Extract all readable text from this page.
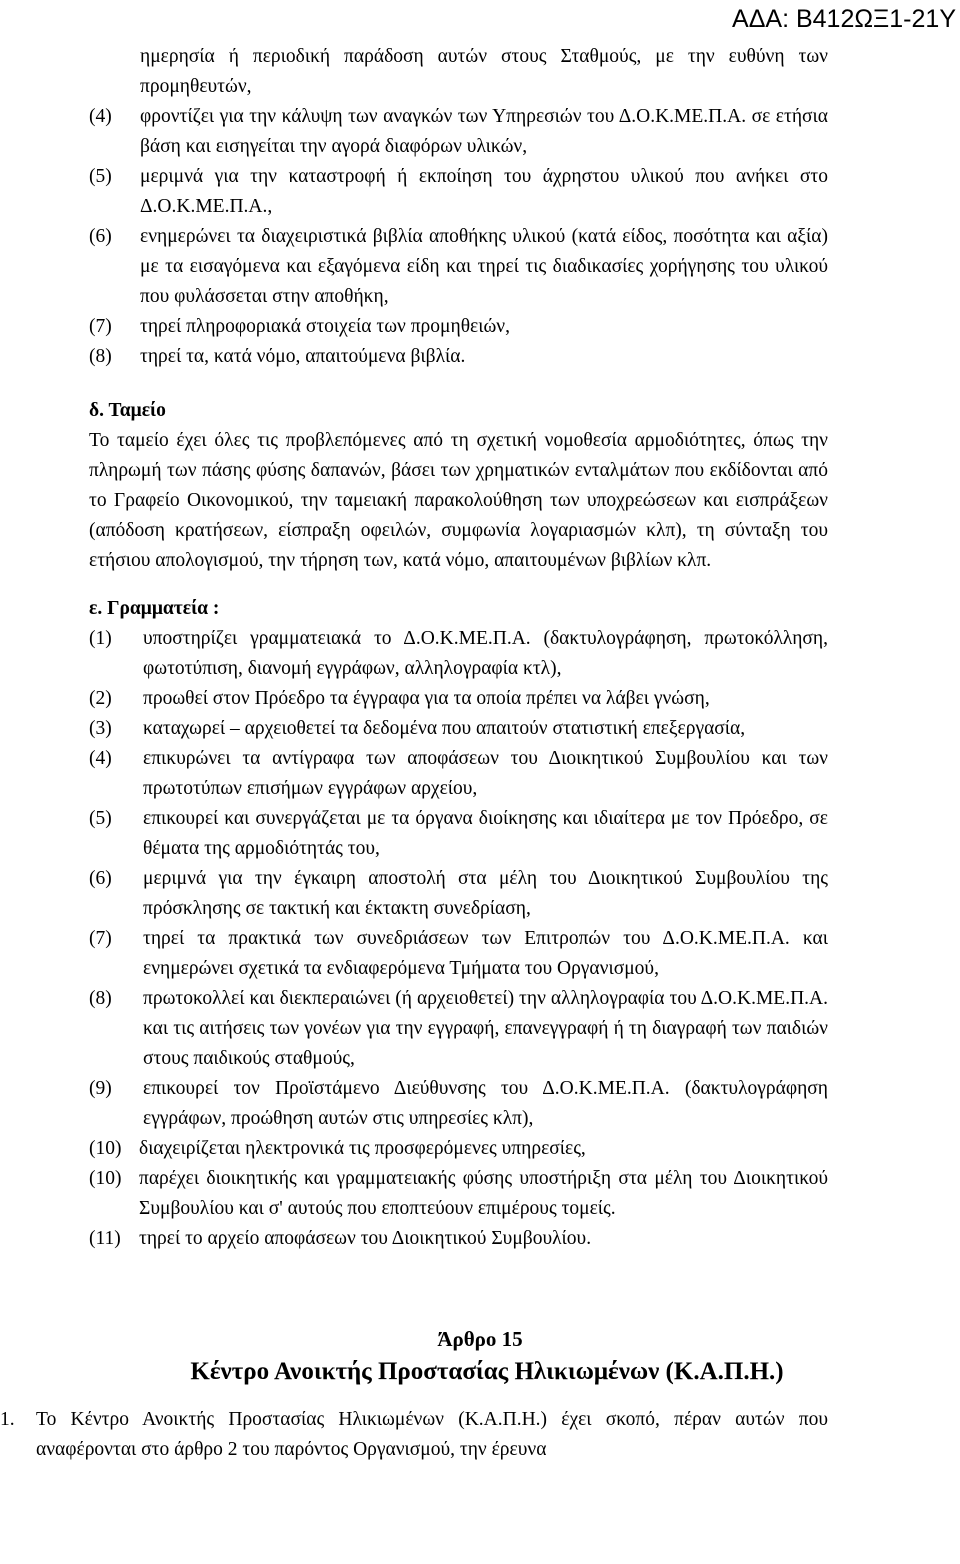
ΑΔΑ: Β412ΩΞ1-21Υ
ημερησία ή περιοδική παράδοση αυτών στους Σταθμούς, με την ευθύνη των προμηθευτών,
(4) φροντίζει για την κάλυψη των αναγκών των Υπηρεσιών του Δ.Ο.Κ.ΜΕ.Π.Α. σε ετήσια βάση και εισηγείται την αγορά διαφόρων υλικών,
(5) μεριμνά για την καταστροφή ή εκποίηση του άχρηστου υλικού που ανήκει στο Δ.Ο.Κ.ΜΕ.Π.Α.,
(6) ενημερώνει τα διαχειριστικά βιβλία αποθήκης υλικού (κατά είδος, ποσότητα και αξία) με τα εισαγόμενα και εξαγόμενα είδη και τηρεί τις διαδικασίες χορήγησης του υλικού που φυλάσσεται στην αποθήκη,
(7) τηρεί πληροφοριακά στοιχεία των προμηθειών,
(8) τηρεί τα, κατά νόμο, απαιτούμενα βιβλία.
δ. Ταμείο
Το ταμείο έχει όλες τις προβλεπόμενες από τη σχετική νομοθεσία αρμοδιότητες, όπως την πληρωμή των πάσης φύσης δαπανών, βάσει των χρηματικών ενταλμάτων που εκδίδονται από το Γραφείο Οικονομικού, την ταμειακή παρακολούθηση των υποχρεώσεων και εισπράξεων (απόδοση κρατήσεων, είσπραξη οφειλών, συμφωνία λογαριασμών κλπ), τη σύνταξη του ετήσιου απολογισμού, την τήρηση των, κατά νόμο, απαιτουμένων βιβλίων κλπ.
ε. Γραμματεία :
(1) υποστηρίζει γραμματειακά το Δ.Ο.Κ.ΜΕ.Π.Α. (δακτυλογράφηση, πρωτοκόλληση, φωτοτύπιση, διανομή εγγράφων, αλληλογραφία κτλ),
(2) προωθεί στον Πρόεδρο τα έγγραφα για τα οποία πρέπει να λάβει γνώση,
(3) καταχωρεί – αρχειοθετεί τα δεδομένα που απαιτούν στατιστική επεξεργασία,
(4) επικυρώνει τα αντίγραφα των αποφάσεων του Διοικητικού Συμβουλίου και των πρωτοτύπων επισήμων εγγράφων αρχείου,
(5) επικουρεί και συνεργάζεται με τα όργανα διοίκησης και ιδιαίτερα με τον Πρόεδρο, σε θέματα της αρμοδιότητάς του,
(6) μεριμνά για την έγκαιρη αποστολή στα μέλη του Διοικητικού Συμβουλίου της πρόσκλησης σε τακτική και έκτακτη συνεδρίαση,
(7) τηρεί τα πρακτικά των συνεδριάσεων των Επιτροπών του Δ.Ο.Κ.ΜΕ.Π.Α. και ενημερώνει σχετικά τα ενδιαφερόμενα Τμήματα του Οργανισμού,
(8) πρωτοκολλεί και διεκπεραιώνει (ή αρχειοθετεί) την αλληλογραφία του Δ.Ο.Κ.ΜΕ.Π.Α. και τις αιτήσεις των γονέων για την εγγραφή, επανεγγραφή ή τη διαγραφή των παιδιών στους παιδικούς σταθμούς,
(9) επικουρεί τον Προϊστάμενο Διεύθυνσης του Δ.Ο.Κ.ΜΕ.Π.Α. (δακτυλογράφηση εγγράφων, προώθηση αυτών στις υπηρεσίες κλπ),
(10) διαχειρίζεται ηλεκτρονικά τις προσφερόμενες υπηρεσίες,
(10) παρέχει διοικητικής και γραμματειακής φύσης υποστήριξη στα μέλη του Διοικητικού Συμβουλίου και σ' αυτούς που εποπτεύουν επιμέρους τομείς.
(11) τηρεί το αρχείο αποφάσεων του Διοικητικού Συμβουλίου.
Άρθρο 15
Κέντρο Ανοικτής Προστασίας Ηλικιωμένων (Κ.Α.Π.Η.)
1. Το Κέντρο Ανοικτής Προστασίας Ηλικιωμένων (Κ.Α.Π.Η.) έχει σκοπό, πέραν αυτών που αναφέρονται στο άρθρο 2 του παρόντος Οργανισμού, την έρευνα
